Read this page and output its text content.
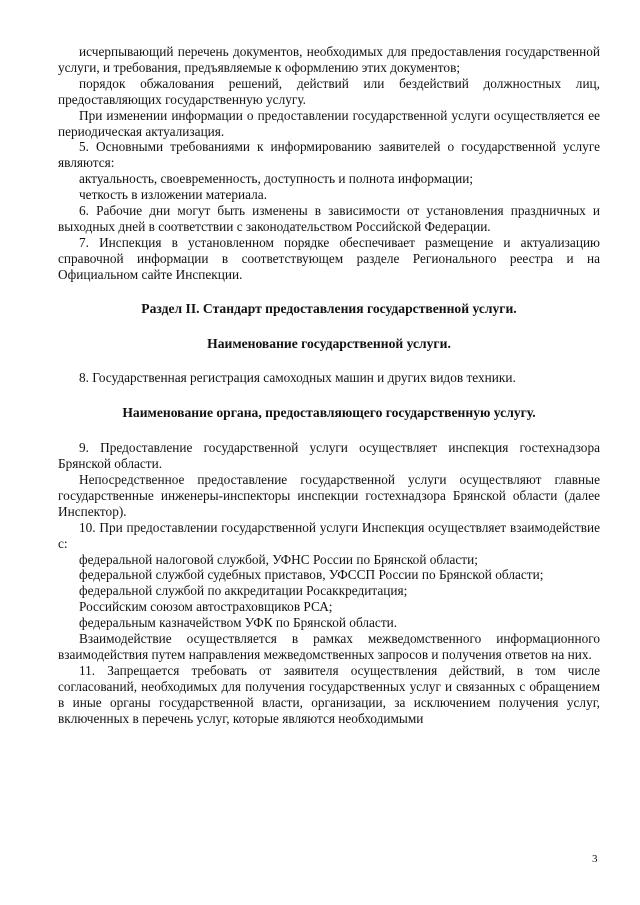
исчерпывающий перечень документов, необходимых для предоставления государственной услуги, и требования, предъявляемые к оформлению этих документов;

порядок обжалования решений, действий или бездействий должностных лиц, предоставляющих государственную услугу.

При изменении информации о предоставлении государственной услуги осуществляется ее периодическая актуализация.

5. Основными требованиями к информированию заявителей о государственной услуге являются:

актуальность, своевременность, доступность и полнота информации;

четкость в изложении материала.

6. Рабочие дни могут быть изменены в зависимости от установления праздничных и выходных дней в соответствии с законодательством Российской Федерации.

7. Инспекция в установленном порядке обеспечивает размещение и актуализацию справочной информации в соответствующем разделе Регионального реестра и на Официальном сайте Инспекции.

Раздел II. Стандарт предоставления государственной услуги.

Наименование государственной услуги.

8. Государственная регистрация самоходных машин и других видов техники.

Наименование органа, предоставляющего государственную услугу.

9. Предоставление государственной услуги осуществляет инспекция гостехнадзора Брянской области.

Непосредственное предоставление государственной услуги осуществляют главные государственные инженеры-инспекторы инспекции гостехнадзора Брянской области (далее Инспектор).

10. При предоставлении государственной услуги Инспекция осуществляет взаимодействие с:

федеральной налоговой службой, УФНС России по Брянской области;

федеральной службой судебных приставов, УФССП России по Брянской области;

федеральной службой по аккредитации Росаккредитация;

Российским союзом автостраховщиков РСА;

федеральным казначейством УФК по Брянской области.

Взаимодействие осуществляется в рамках межведомственного информационного взаимодействия путем направления межведомственных запросов и получения ответов на них.

11. Запрещается требовать от заявителя осуществления действий, в том числе согласований, необходимых для получения государственных услуг и связанных с обращением в иные органы государственной власти, организации, за исключением получения услуг, включенных в перечень услуг, которые являются необходимыми

3
